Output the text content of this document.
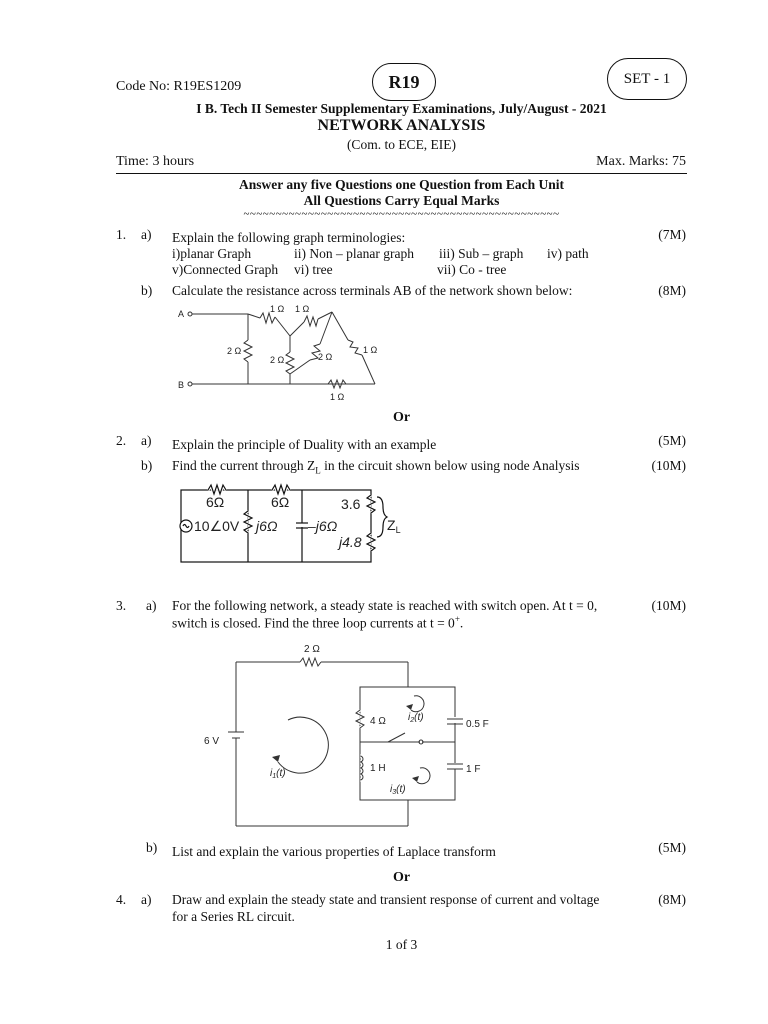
Code No: R19ES1209	R19	SET - 1
I B. Tech II Semester Supplementary Examinations, July/August - 2021
NETWORK ANALYSIS
(Com. to ECE, EIE)
Time: 3 hours	Max. Marks: 75
Answer any five Questions one Question from Each Unit
All Questions Carry Equal Marks
~~~~~~~~~~~~~~~~~~~~~~~~~~~~~~~~~~~~~~~~~~~~~~~~~
1. a) Explain the following graph terminologies:	(7M)
i)planar Graph	ii) Non – planar graph iii) Sub – graph iv) path
v)Connected Graph vi) tree	vii) Co - tree
b) Calculate the resistance across terminals AB of the network shown below:	(8M)
A
B
1 Ω 1 Ω
2 Ω
2 Ω	2 Ω
1 Ω
1 Ω
Or
2. a) Explain the principle of Duality with an example	(5M)
b) Find the current through $Z_L$ in the circuit shown below using node Analysis	(10M)
6Ω	6Ω
10∠0V j6Ω –j6Ω
3.6
j4.8
$Z_L$
3. a) For the following network, a steady state is reached with switch open. At t = 0,	(10M)
switch is closed. Find the three loop currents at t = 0+.
2 Ω
6 V
4 Ω	0.5 F
1 H	1 F
$i_1(t)$
$i_2(t)$
$i_3(t)$
b) List and explain the various properties of Laplace transform	(5M)
Or
4. a) Draw and explain the steady state and transient response of current and voltage	(8M)
for a Series RL circuit.
1 of 3
